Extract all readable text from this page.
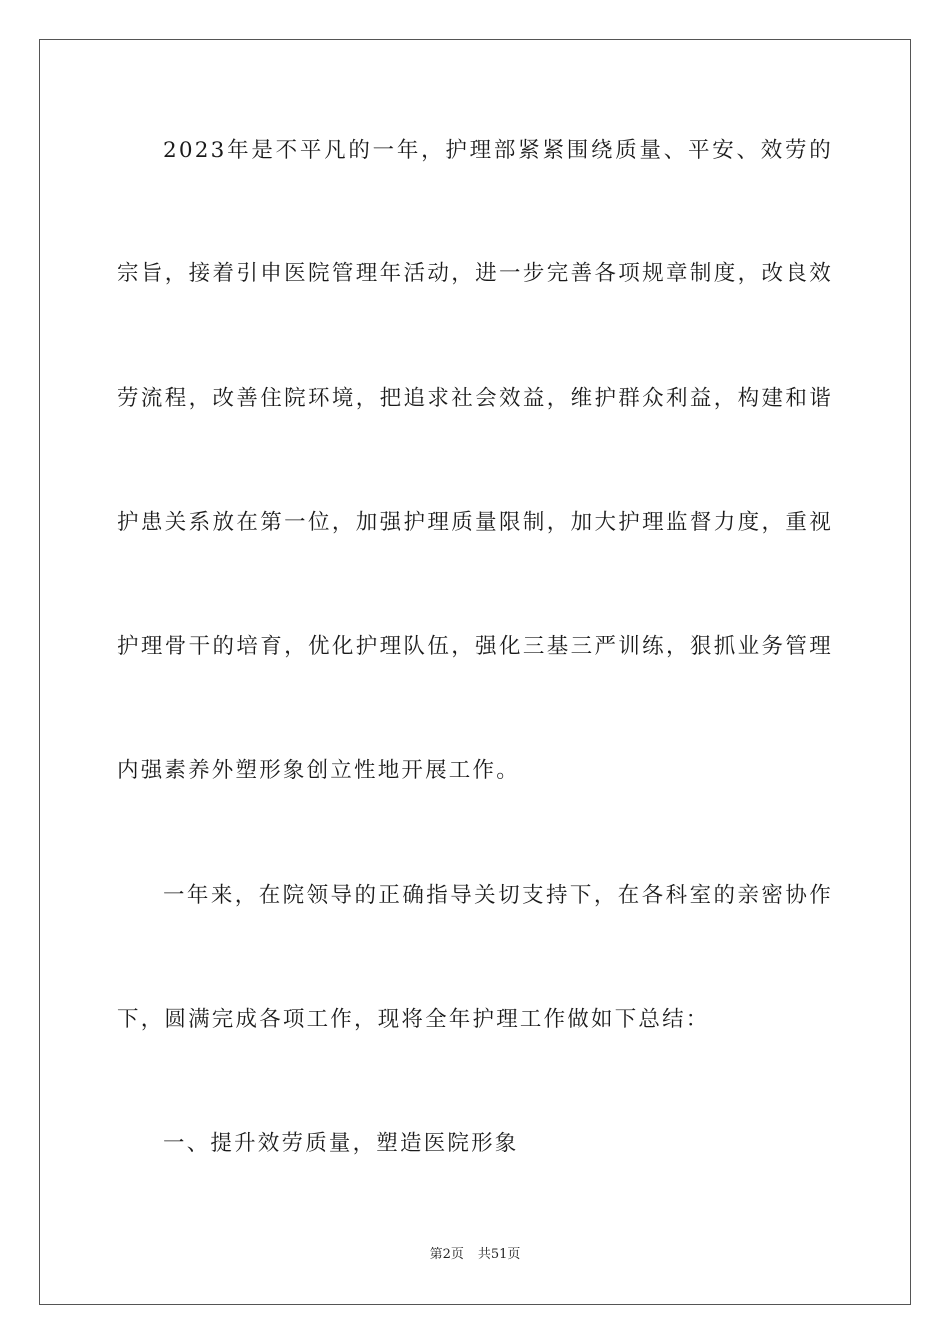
2023年是不平凡的一年，护理部紧紧围绕质量、平安、效劳的
宗旨，接着引申医院管理年活动，进一步完善各项规章制度，改良效
劳流程，改善住院环境，把追求社会效益，维护群众利益，构建和谐
护患关系放在第一位，加强护理质量限制，加大护理监督力度，重视
护理骨干的培育，优化护理队伍，强化三基三严训练，狠抓业务管理
内强素养外塑形象创立性地开展工作。
一年来，在院领导的正确指导关切支持下，在各科室的亲密协作
下，圆满完成各项工作，现将全年护理工作做如下总结：
一、提升效劳质量，塑造医院形象
第2页 共51页
